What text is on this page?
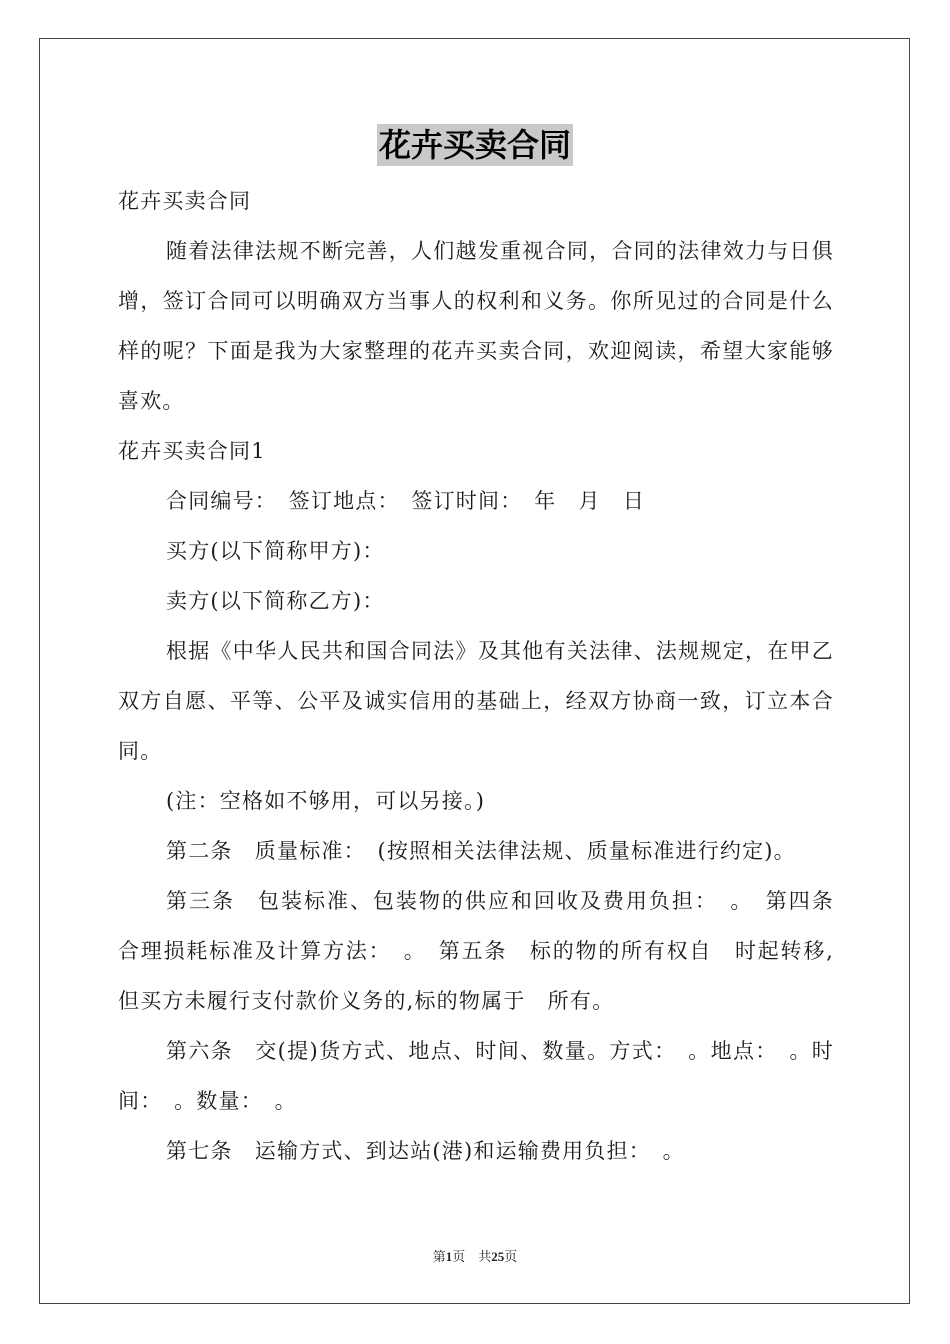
花卉买卖合同

花卉买卖合同

随着法律法规不断完善，人们越发重视合同，合同的法律效力与日俱增，签订合同可以明确双方当事人的权利和义务。你所见过的合同是什么样的呢？下面是我为大家整理的花卉买卖合同，欢迎阅读，希望大家能够喜欢。

花卉买卖合同1

合同编号：　签订地点：　签订时间：　年　月　日

买方(以下简称甲方)：

卖方(以下简称乙方)：

根据《中华人民共和国合同法》及其他有关法律、法规规定，在甲乙双方自愿、平等、公平及诚实信用的基础上，经双方协商一致，订立本合同。

(注：空格如不够用，可以另接。)

第二条　质量标准：　(按照相关法律法规、质量标准进行约定)。

第三条　包装标准、包装物的供应和回收及费用负担：　。　第四条　合理损耗标准及计算方法：　。　第五条　标的物的所有权自　时起转移,但买方未履行支付款价义务的,标的物属于　所有。

第六条　交(提)货方式、地点、时间、数量。方式：　。地点：　。时间：　。数量：　。

第七条　运输方式、到达站(港)和运输费用负担：　。

第1页　共25页
